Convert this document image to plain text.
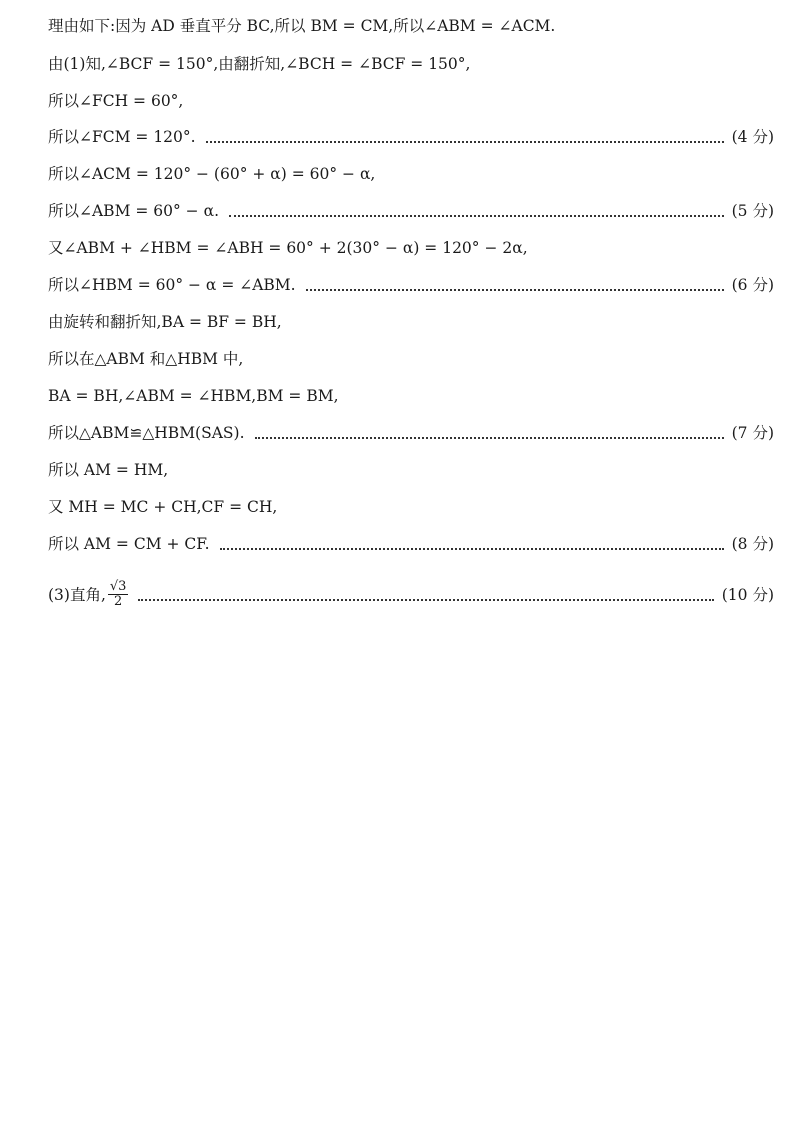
理由如下:因为 AD 垂直平分 BC,所以 BM = CM,所以∠ABM = ∠ACM.
由(1)知,∠BCF = 150°,由翻折知,∠BCH = ∠BCF = 150°,
所以∠FCH = 60°,
所以∠FCM = 120°.	(4 分)
所以∠ACM = 120° − (60° + α) = 60° − α,
所以∠ABM = 60° − α.	(5 分)
又∠ABM + ∠HBM = ∠ABH = 60° + 2(30° − α) = 120° − 2α,
所以∠HBM = 60° − α = ∠ABM.	(6 分)
由旋转和翻折知,BA = BF = BH,
所以在△ABM 和△HBM 中,
BA = BH,∠ABM = ∠HBM,BM = BM,
所以△ABM≌△HBM(SAS).	(7 分)
所以 AM = HM,
又 MH = MC + CH,CF = CH,
所以 AM = CM + CF.	(8 分)
(3)直角, $\frac{√3}{2}$	(10 分)
